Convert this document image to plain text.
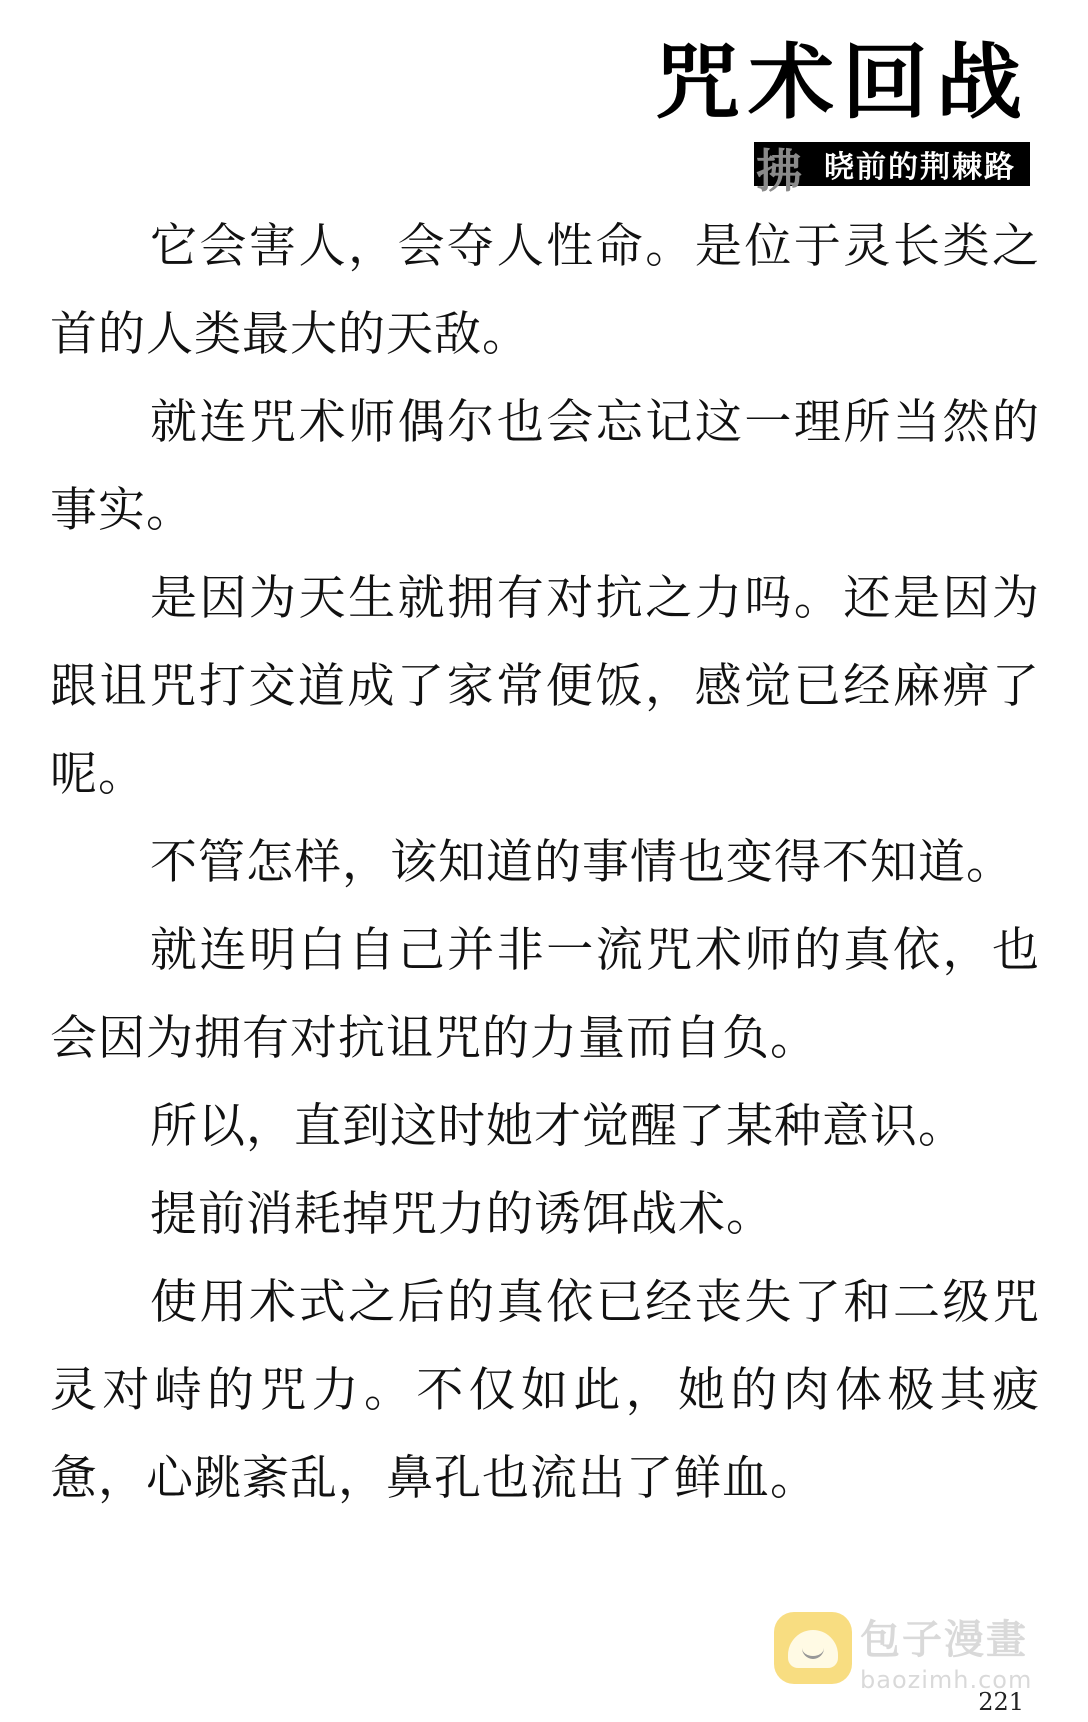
咒术回战
拂 晓前的荆棘路

它会害人，会夺人性命。是位于灵长类之首的人类最大的天敌。

就连咒术师偶尔也会忘记这一理所当然的事实。

是因为天生就拥有对抗之力吗。还是因为跟诅咒打交道成了家常便饭，感觉已经麻痹了呢。

不管怎样，该知道的事情也变得不知道。

就连明白自己并非一流咒术师的真依，也会因为拥有对抗诅咒的力量而自负。

所以，直到这时她才觉醒了某种意识。

提前消耗掉咒力的诱饵战术。

使用术式之后的真依已经丧失了和二级咒灵对峙的咒力。不仅如此，她的肉体极其疲惫，心跳紊乱，鼻孔也流出了鲜血。

包子漫畫
baozimh.com
221
